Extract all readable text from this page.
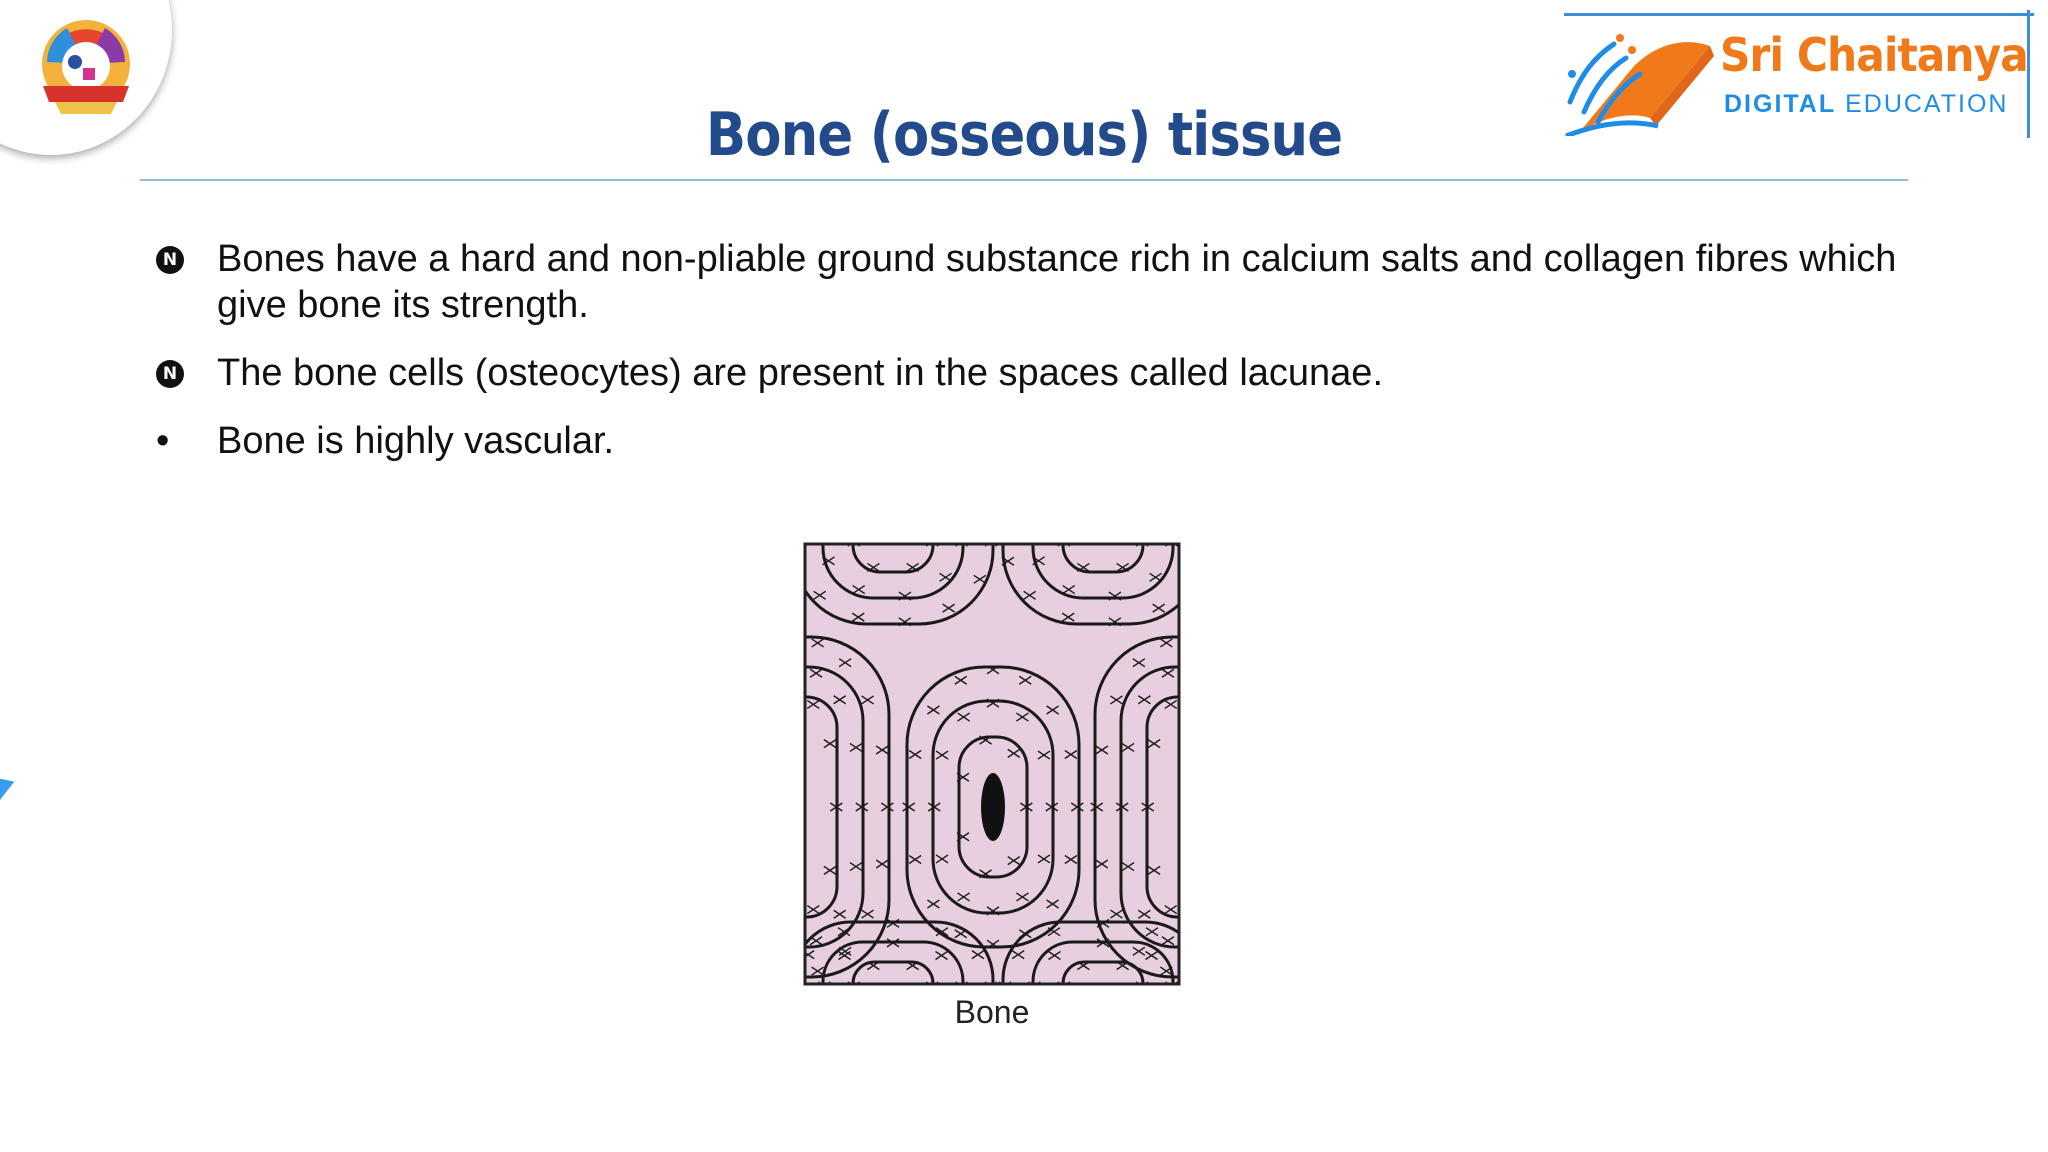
Sri Chaitanya
DIGITAL EDUCATION
Bone (osseous) tissue
N Bones have a hard and non-pliable ground substance rich in calcium salts and collagen fibres which give bone its strength.
N The bone cells (osteocytes) are present in the spaces called lacunae.
• Bone is highly vascular.
Bone
